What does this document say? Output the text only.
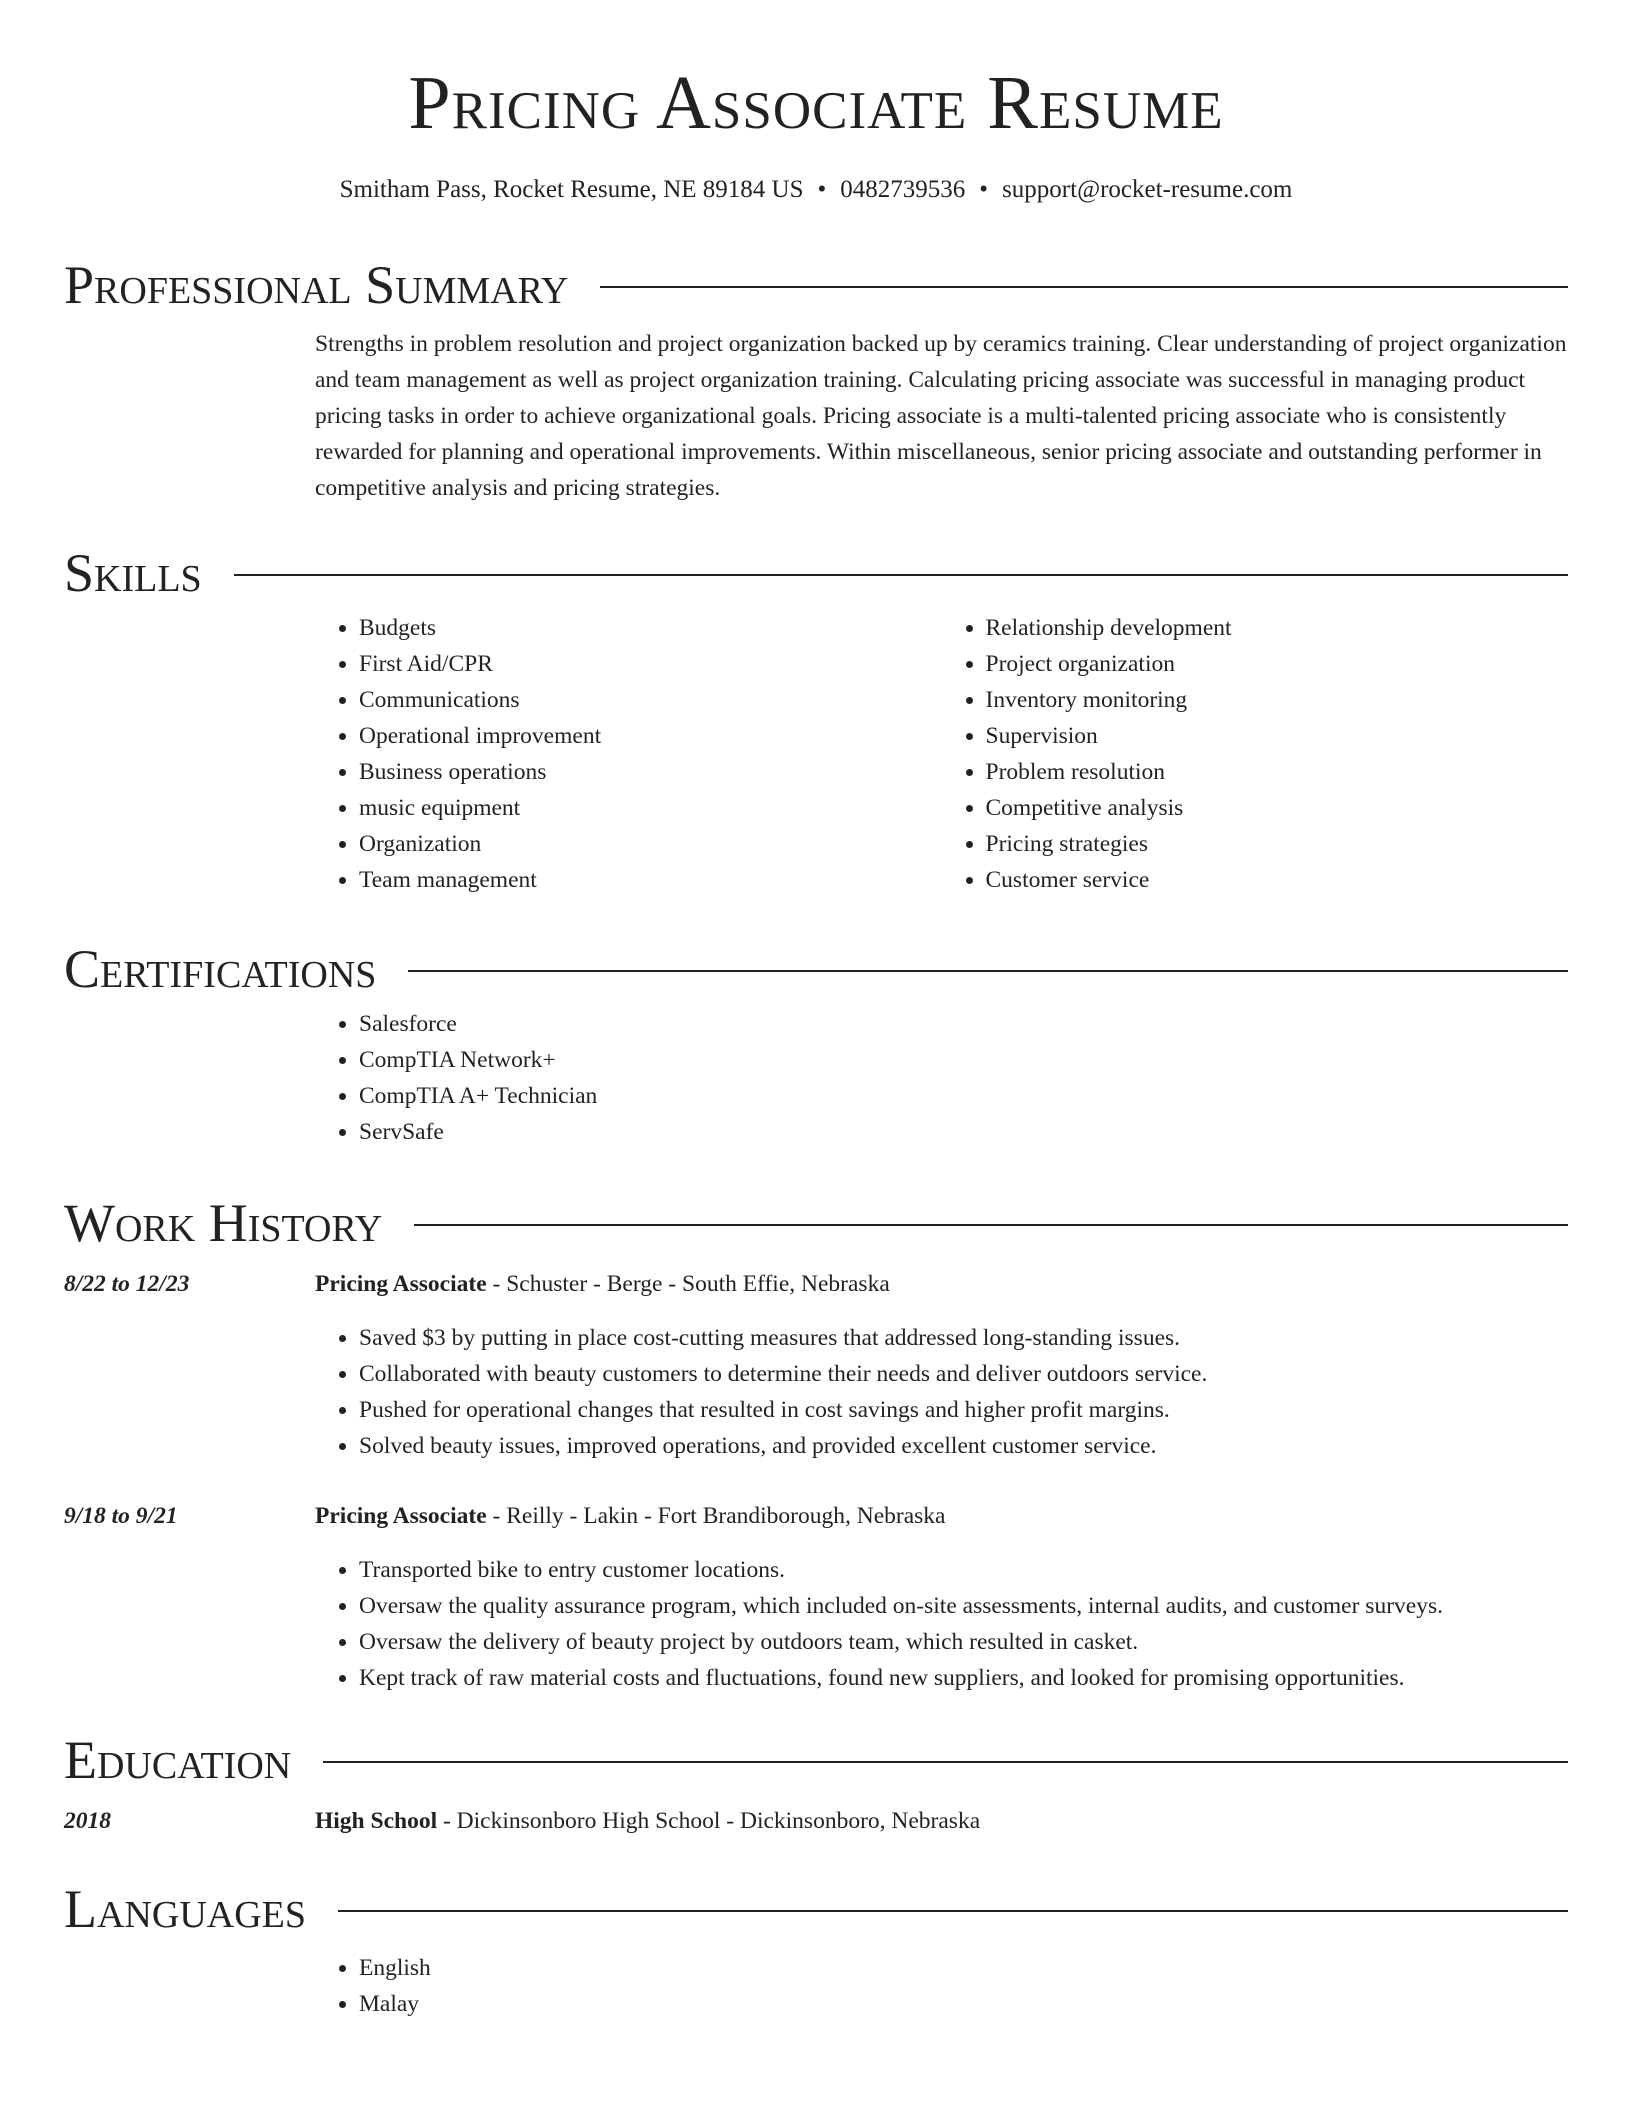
Pricing Associate Resume
Smitham Pass, Rocket Resume, NE 89184 US • 0482739536 • support@rocket-resume.com
Professional Summary
Strengths in problem resolution and project organization backed up by ceramics training. Clear understanding of project organization and team management as well as project organization training. Calculating pricing associate was successful in managing product pricing tasks in order to achieve organizational goals. Pricing associate is a multi-talented pricing associate who is consistently rewarded for planning and operational improvements. Within miscellaneous, senior pricing associate and outstanding performer in competitive analysis and pricing strategies.
Skills
• Budgets
• First Aid/CPR
• Communications
• Operational improvement
• Business operations
• music equipment
• Organization
• Team management
• Relationship development
• Project organization
• Inventory monitoring
• Supervision
• Problem resolution
• Competitive analysis
• Pricing strategies
• Customer service
Certifications
• Salesforce
• CompTIA Network+
• CompTIA A+ Technician
• ServSafe
Work History
8/22 to 12/23	Pricing Associate - Schuster - Berge - South Effie, Nebraska
• Saved $3 by putting in place cost-cutting measures that addressed long-standing issues.
• Collaborated with beauty customers to determine their needs and deliver outdoors service.
• Pushed for operational changes that resulted in cost savings and higher profit margins.
• Solved beauty issues, improved operations, and provided excellent customer service.
9/18 to 9/21	Pricing Associate - Reilly - Lakin - Fort Brandiborough, Nebraska
• Transported bike to entry customer locations.
• Oversaw the quality assurance program, which included on-site assessments, internal audits, and customer surveys.
• Oversaw the delivery of beauty project by outdoors team, which resulted in casket.
• Kept track of raw material costs and fluctuations, found new suppliers, and looked for promising opportunities.
Education
2018	High School - Dickinsonboro High School - Dickinsonboro, Nebraska
Languages
• English
• Malay
